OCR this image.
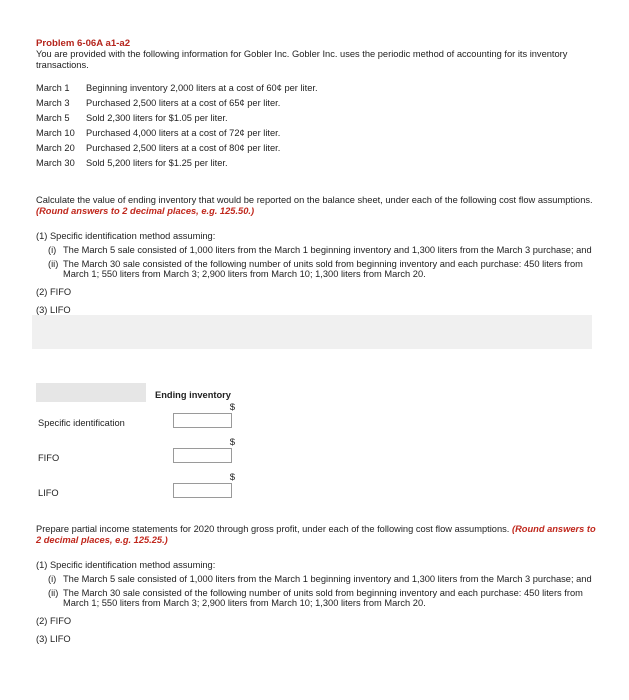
Problem 6-06A a1-a2

You are provided with the following information for Gobler Inc. Gobler Inc. uses the periodic method of accounting for its inventory transactions.

March 1	Beginning inventory 2,000 liters at a cost of 60¢ per liter.
March 3	Purchased 2,500 liters at a cost of 65¢ per liter.
March 5	Sold 2,300 liters for $1.05 per liter.
March 10	Purchased 4,000 liters at a cost of 72¢ per liter.
March 20	Purchased 2,500 liters at a cost of 80¢ per liter.
March 30	Sold 5,200 liters for $1.25 per liter.

Calculate the value of ending inventory that would be reported on the balance sheet, under each of the following cost flow assumptions. (Round answers to 2 decimal places, e.g. 125.50.)

(1) Specific identification method assuming:
(i) The March 5 sale consisted of 1,000 liters from the March 1 beginning inventory and 1,300 liters from the March 3 purchase; and
(ii) The March 30 sale consisted of the following number of units sold from beginning inventory and each purchase: 450 liters from March 1; 550 liters from March 3; 2,900 liters from March 10; 1,300 liters from March 20.
(2) FIFO
(3) LIFO
Ending inventory
Specific identification
$
FIFO
$
LIFO
$

Prepare partial income statements for 2020 through gross profit, under each of the following cost flow assumptions. (Round answers to 2 decimal places, e.g. 125.25.)

(1) Specific identification method assuming:
(i) The March 5 sale consisted of 1,000 liters from the March 1 beginning inventory and 1,300 liters from the March 3 purchase; and
(ii) The March 30 sale consisted of the following number of units sold from beginning inventory and each purchase: 450 liters from March 1; 550 liters from March 3; 2,900 liters from March 10; 1,300 liters from March 20.
(2) FIFO
(3) LIFO
